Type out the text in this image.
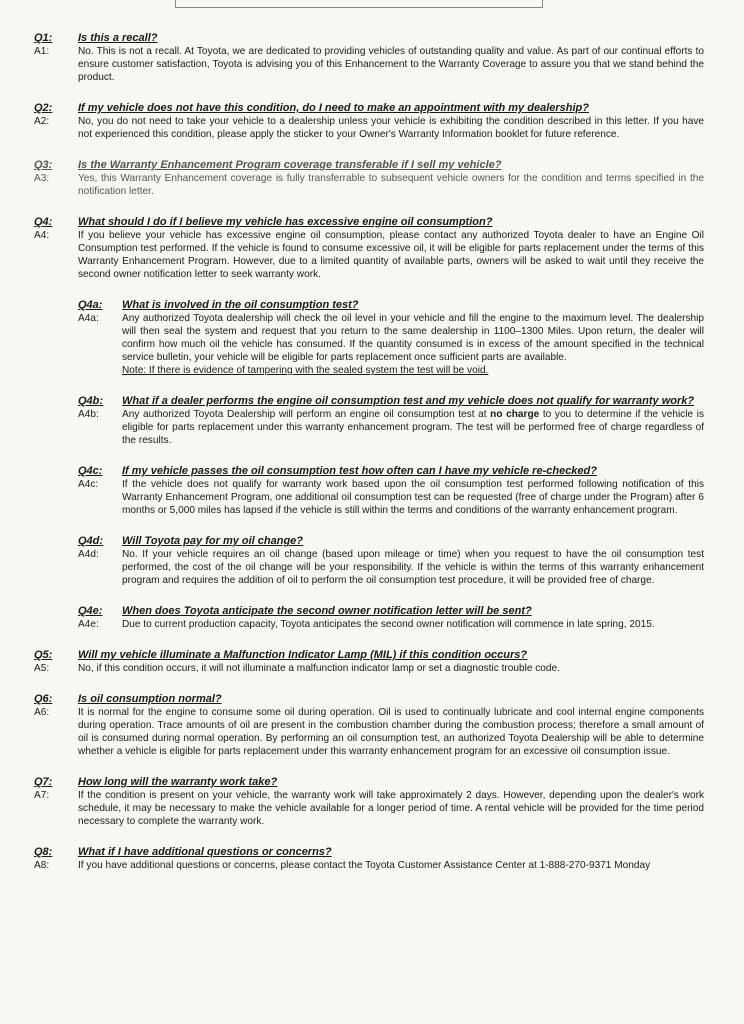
Q1:	Is this a recall?
A1:	No. This is not a recall. At Toyota, we are dedicated to providing vehicles of outstanding quality and value. As part of our continual efforts to ensure customer satisfaction, Toyota is advising you of this Enhancement to the Warranty Coverage to assure you that we stand behind the product.
Q2:	If my vehicle does not have this condition, do I need to make an appointment with my dealership?
A2:	No, you do not need to take your vehicle to a dealership unless your vehicle is exhibiting the condition described in this letter. If you have not experienced this condition, please apply the sticker to your Owner's Warranty Information booklet for future reference.
Q3:	Is the Warranty Enhancement Program coverage transferable if I sell my vehicle?
A3:	Yes, this Warranty Enhancement coverage is fully transferrable to subsequent vehicle owners for the condition and terms specified in the notification letter.
Q4:	What should I do if I believe my vehicle has excessive engine oil consumption?
A4:	If you believe your vehicle has excessive engine oil consumption, please contact any authorized Toyota dealer to have an Engine Oil Consumption test performed. If the vehicle is found to consume excessive oil, it will be eligible for parts replacement under the terms of this Warranty Enhancement Program. However, due to a limited quantity of available parts, owners will be asked to wait until they receive the second owner notification letter to seek warranty work.
Q4a:	What is involved in the oil consumption test?
A4a:	Any authorized Toyota dealership will check the oil level in your vehicle and fill the engine to the maximum level. The dealership will then seal the system and request that you return to the same dealership in 1100–1300 Miles. Upon return, the dealer will confirm how much oil the vehicle has consumed. If the quantity consumed is in excess of the amount specified in the technical service bulletin, your vehicle will be eligible for parts replacement once sufficient parts are available.
Note: If there is evidence of tampering with the sealed system the test will be void.
Q4b:	What if a dealer performs the engine oil consumption test and my vehicle does not qualify for warranty work?
A4b:	Any authorized Toyota Dealership will perform an engine oil consumption test at no charge to you to determine if the vehicle is eligible for parts replacement under this warranty enhancement program. The test will be performed free of charge regardless of the results.
Q4c:	If my vehicle passes the oil consumption test how often can I have my vehicle re-checked?
A4c:	If the vehicle does not qualify for warranty work based upon the oil consumption test performed following notification of this Warranty Enhancement Program, one additional oil consumption test can be requested (free of charge under the Program) after 6 months or 5,000 miles has lapsed if the vehicle is still within the terms and conditions of the warranty enhancement program.
Q4d:	Will Toyota pay for my oil change?
A4d:	No. If your vehicle requires an oil change (based upon mileage or time) when you request to have the oil consumption test performed, the cost of the oil change will be your responsibility. If the vehicle is within the terms of this warranty enhancement program and requires the addition of oil to perform the oil consumption test procedure, it will be provided free of charge.
Q4e:	When does Toyota anticipate the second owner notification letter will be sent?
A4e:	Due to current production capacity, Toyota anticipates the second owner notification will commence in late spring, 2015.
Q5:	Will my vehicle illuminate a Malfunction Indicator Lamp (MIL) if this condition occurs?
A5:	No, if this condition occurs, it will not illuminate a malfunction indicator lamp or set a diagnostic trouble code.
Q6:	Is oil consumption normal?
A6:	It is normal for the engine to consume some oil during operation. Oil is used to continually lubricate and cool internal engine components during operation. Trace amounts of oil are present in the combustion chamber during the combustion process; therefore a small amount of oil is consumed during normal operation. By performing an oil consumption test, an authorized Toyota Dealership will be able to determine whether a vehicle is eligible for parts replacement under this warranty enhancement program for an excessive oil consumption issue.
Q7:	How long will the warranty work take?
A7:	If the condition is present on your vehicle, the warranty work will take approximately 2 days. However, depending upon the dealer's work schedule, it may be necessary to make the vehicle available for a longer period of time. A rental vehicle will be provided for the time period necessary to complete the warranty work.
Q8:	What if I have additional questions or concerns?
A8:	If you have additional questions or concerns, please contact the Toyota Customer Assistance Center at 1-888-270-9371 Monday
